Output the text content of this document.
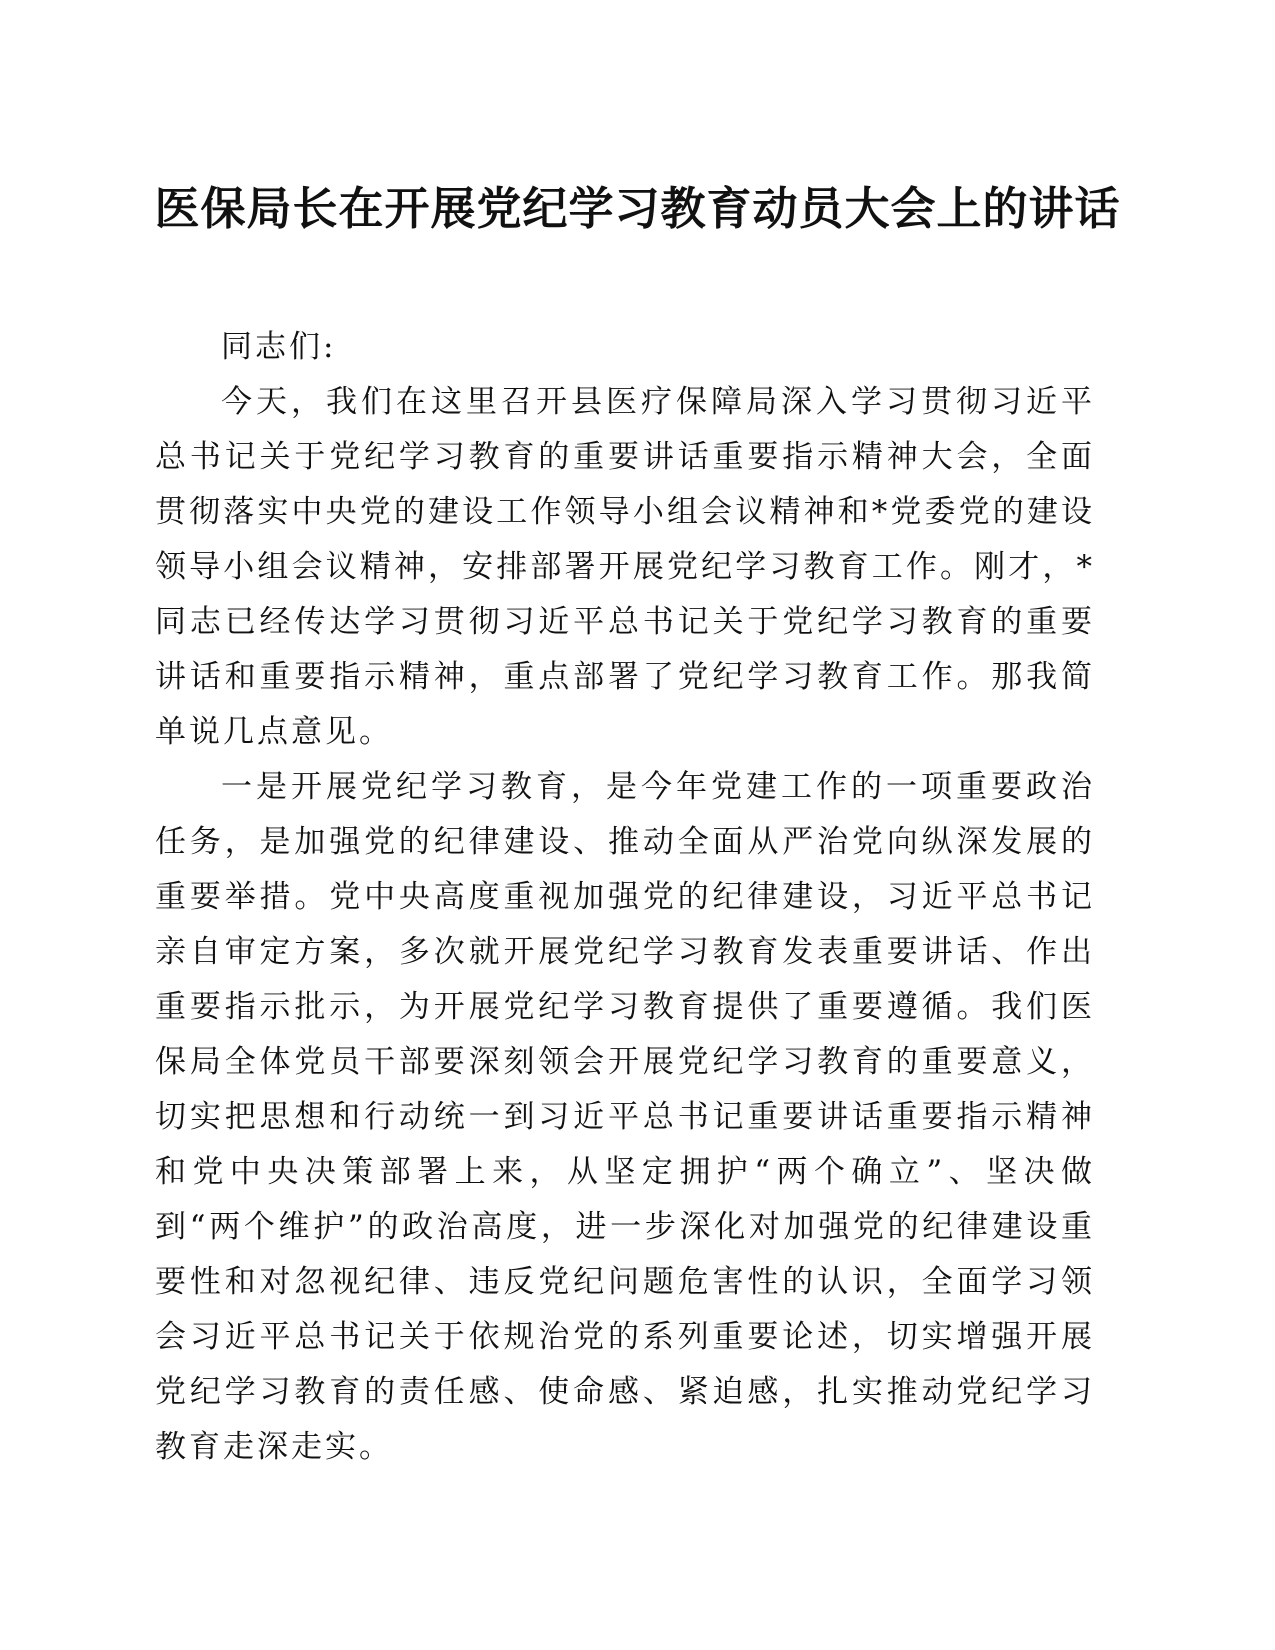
医保局长在开展党纪学习教育动员大会上的讲话

同志们:

今天，我们在这里召开县医疗保障局深入学习贯彻习近平总书记关于党纪学习教育的重要讲话重要指示精神大会，全面贯彻落实中央党的建设工作领导小组会议精神和*党委党的建设领导小组会议精神，安排部署开展党纪学习教育工作。刚才，*同志已经传达学习贯彻习近平总书记关于党纪学习教育的重要讲话和重要指示精神，重点部署了党纪学习教育工作。那我简单说几点意见。

一是开展党纪学习教育，是今年党建工作的一项重要政治任务，是加强党的纪律建设、推动全面从严治党向纵深发展的重要举措。党中央高度重视加强党的纪律建设，习近平总书记亲自审定方案，多次就开展党纪学习教育发表重要讲话、作出重要指示批示，为开展党纪学习教育提供了重要遵循。我们医保局全体党员干部要深刻领会开展党纪学习教育的重要意义，切实把思想和行动统一到习近平总书记重要讲话重要指示精神和党中央决策部署上来，从坚定拥护“两个确立”、坚决做到“两个维护”的政治高度，进一步深化对加强党的纪律建设重要性和对忽视纪律、违反党纪问题危害性的认识，全面学习领会习近平总书记关于依规治党的系列重要论述，切实增强开展党纪学习教育的责任感、使命感、紧迫感，扎实推动党纪学习教育走深走实。
